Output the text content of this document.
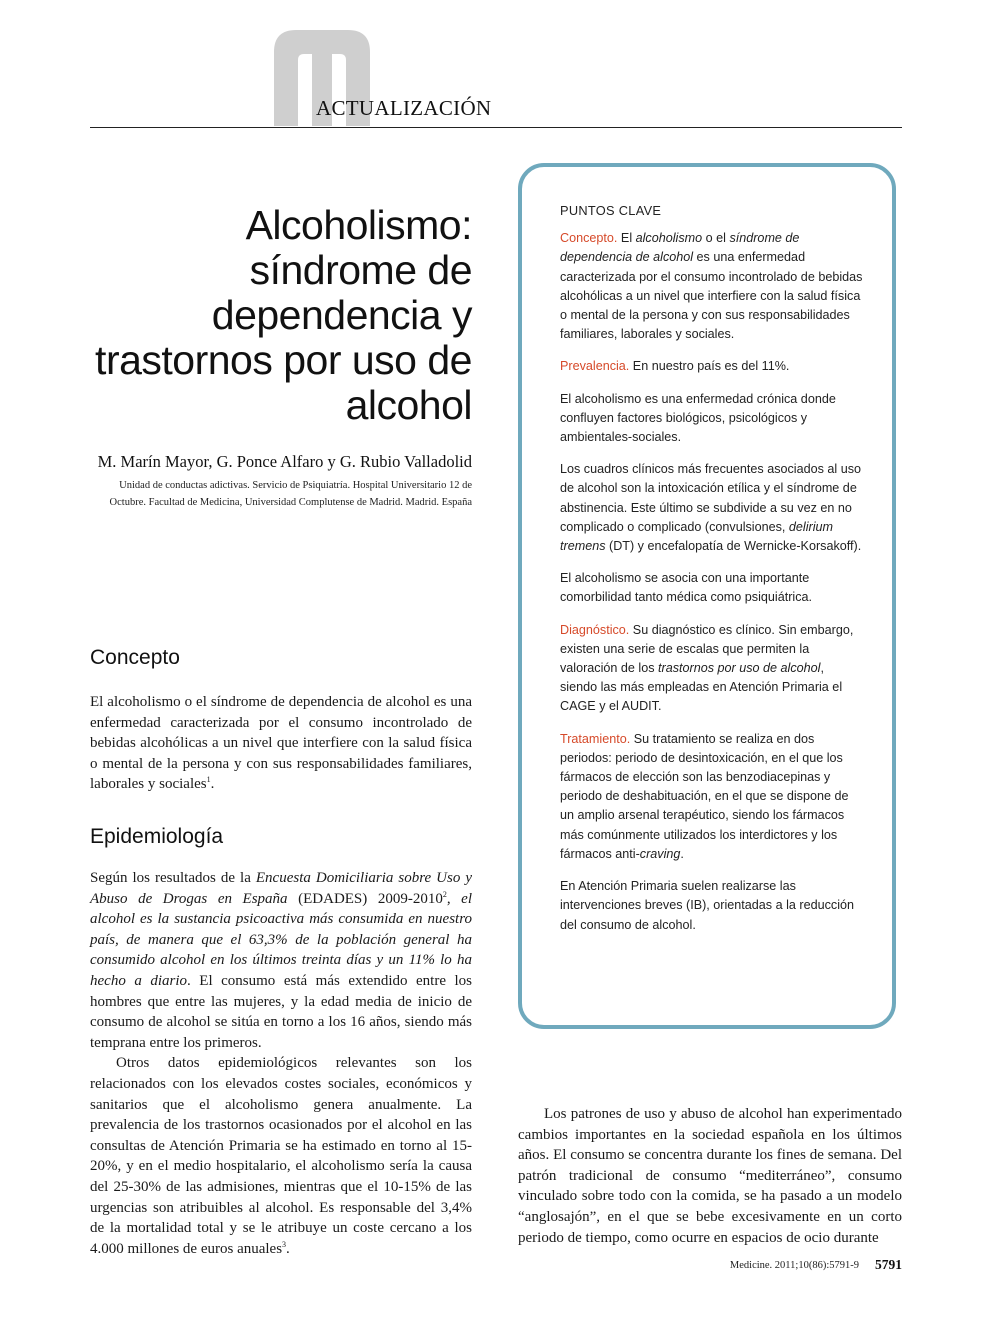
ACTUALIZACIÓN
Alcoholismo: síndrome de dependencia y trastornos por uso de alcohol
M. Marín Mayor, G. Ponce Alfaro y G. Rubio Valladolid
Unidad de conductas adictivas. Servicio de Psiquiatría. Hospital Universitario 12 de Octubre. Facultad de Medicina, Universidad Complutense de Madrid. Madrid. España
Concepto

El alcoholismo o el síndrome de dependencia de alcohol es una enfermedad caracterizada por el consumo incontrolado de bebidas alcohólicas a un nivel que interfiere con la salud física o mental de la persona y con sus responsabilidades familiares, laborales y sociales$^1$.

Epidemiología

Según los resultados de la Encuesta Domiciliaria sobre Uso y Abuso de Drogas en España (EDADES) 2009-2010$^2$, el alcohol es la sustancia psicoactiva más consumida en nuestro país, de manera que el 63,3% de la población general ha consumido alcohol en los últimos treinta días y un 11% lo ha hecho a diario. El consumo está más extendido entre los hombres que entre las mujeres, y la edad media de inicio de consumo de alcohol se sitúa en torno a los 16 años, siendo más temprana entre los primeros.

Otros datos epidemiológicos relevantes son los relacionados con los elevados costes sociales, económicos y sanitarios que el alcoholismo genera anualmente. La prevalencia de los trastornos ocasionados por el alcohol en las consultas de Atención Primaria se ha estimado en torno al 15-20%, y en el medio hospitalario, el alcoholismo sería la causa del 25-30% de las admisiones, mientras que el 10-15% de las urgencias son atribuibles al alcohol. Es responsable del 3,4% de la mortalidad total y se le atribuye un coste cercano a los 4.000 millones de euros anuales$^3$.

PUNTOS CLAVE

Concepto. El alcoholismo o el síndrome de dependencia de alcohol es una enfermedad caracterizada por el consumo incontrolado de bebidas alcohólicas a un nivel que interfiere con la salud física o mental de la persona y con sus responsabilidades familiares, laborales y sociales.

Prevalencia. En nuestro país es del 11%.

El alcoholismo es una enfermedad crónica donde confluyen factores biológicos, psicológicos y ambientales-sociales.

Los cuadros clínicos más frecuentes asociados al uso de alcohol son la intoxicación etílica y el síndrome de abstinencia. Este último se subdivide a su vez en no complicado o complicado (convulsiones, delirium tremens (DT) y encefalopatía de Wernicke-Korsakoff).

El alcoholismo se asocia con una importante comorbilidad tanto médica como psiquiátrica.

Diagnóstico. Su diagnóstico es clínico. Sin embargo, existen una serie de escalas que permiten la valoración de los trastornos por uso de alcohol, siendo las más empleadas en Atención Primaria el CAGE y el AUDIT.

Tratamiento. Su tratamiento se realiza en dos periodos: periodo de desintoxicación, en el que los fármacos de elección son las benzodiacepinas y periodo de deshabituación, en el que se dispone de un amplio arsenal terapéutico, siendo los fármacos más comúnmente utilizados los interdictores y los fármacos anti-craving.

En Atención Primaria suelen realizarse las intervenciones breves (IB), orientadas a la reducción del consumo de alcohol.

Los patrones de uso y abuso de alcohol han experimentado cambios importantes en la sociedad española en los últimos años. El consumo se concentra durante los fines de semana. Del patrón tradicional de consumo “mediterráneo”, consumo vinculado sobre todo con la comida, se ha pasado a un modelo “anglosajón”, en el que se bebe excesivamente en un corto periodo de tiempo, como ocurre en espacios de ocio durante

Medicine. 2011;10(86):5791-9 5791
